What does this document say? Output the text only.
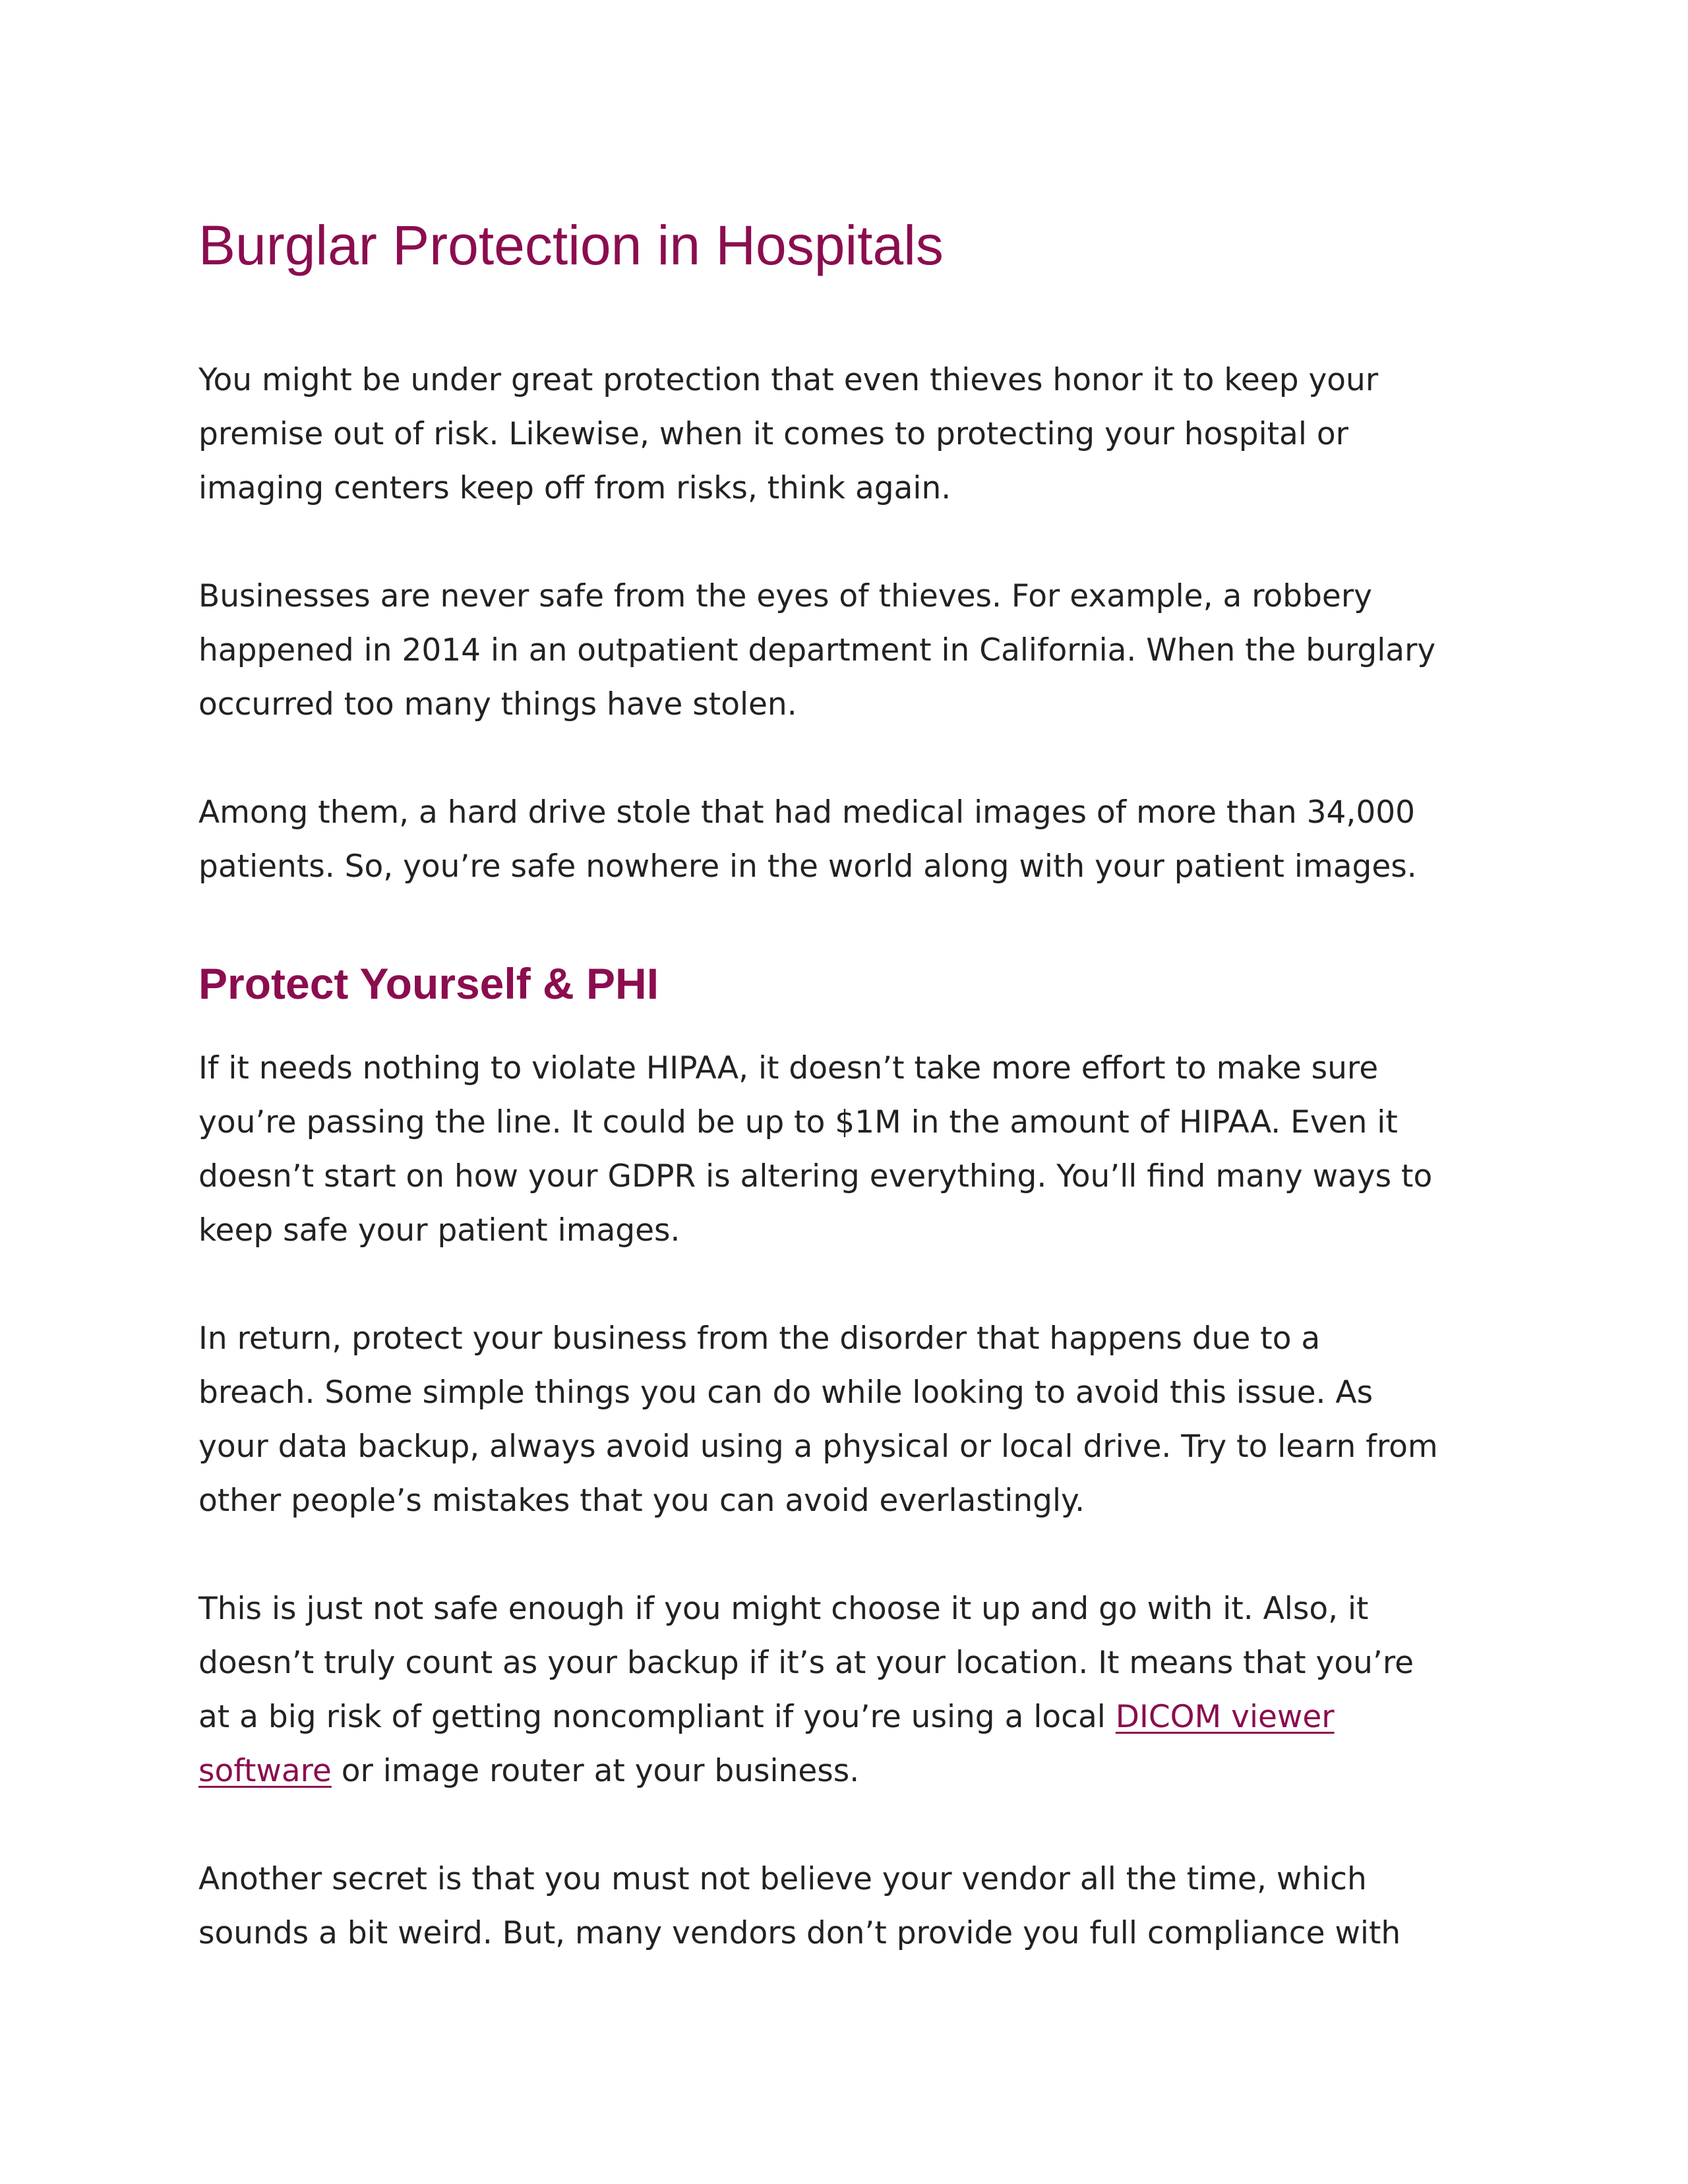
Burglar Protection in Hospitals

You might be under great protection that even thieves honor it to keep your

premise out of risk. Likewise, when it comes to protecting your hospital or

imaging centers keep off from risks, think again.

Businesses are never safe from the eyes of thieves. For example, a robbery

happened in 2014 in an outpatient department in California. When the burglary

occurred too many things have stolen.

Among them, a hard drive stole that had medical images of more than 34,000

patients. So, you’re safe nowhere in the world along with your patient images.

Protect Yourself & PHI

If it needs nothing to violate HIPAA, it doesn’t take more effort to make sure

you’re passing the line. It could be up to $1M in the amount of HIPAA. Even it

doesn’t start on how your GDPR is altering everything. You’ll find many ways to

keep safe your patient images.

In return, protect your business from the disorder that happens due to a

breach. Some simple things you can do while looking to avoid this issue. As

your data backup, always avoid using a physical or local drive. Try to learn from

other people’s mistakes that you can avoid everlastingly.

This is just not safe enough if you might choose it up and go with it. Also, it

doesn’t truly count as your backup if it’s at your location. It means that you’re

at a big risk of getting noncompliant if you’re using a local DICOM viewer

software or image router at your business.

Another secret is that you must not believe your vendor all the time, which

sounds a bit weird. But, many vendors don’t provide you full compliance with
